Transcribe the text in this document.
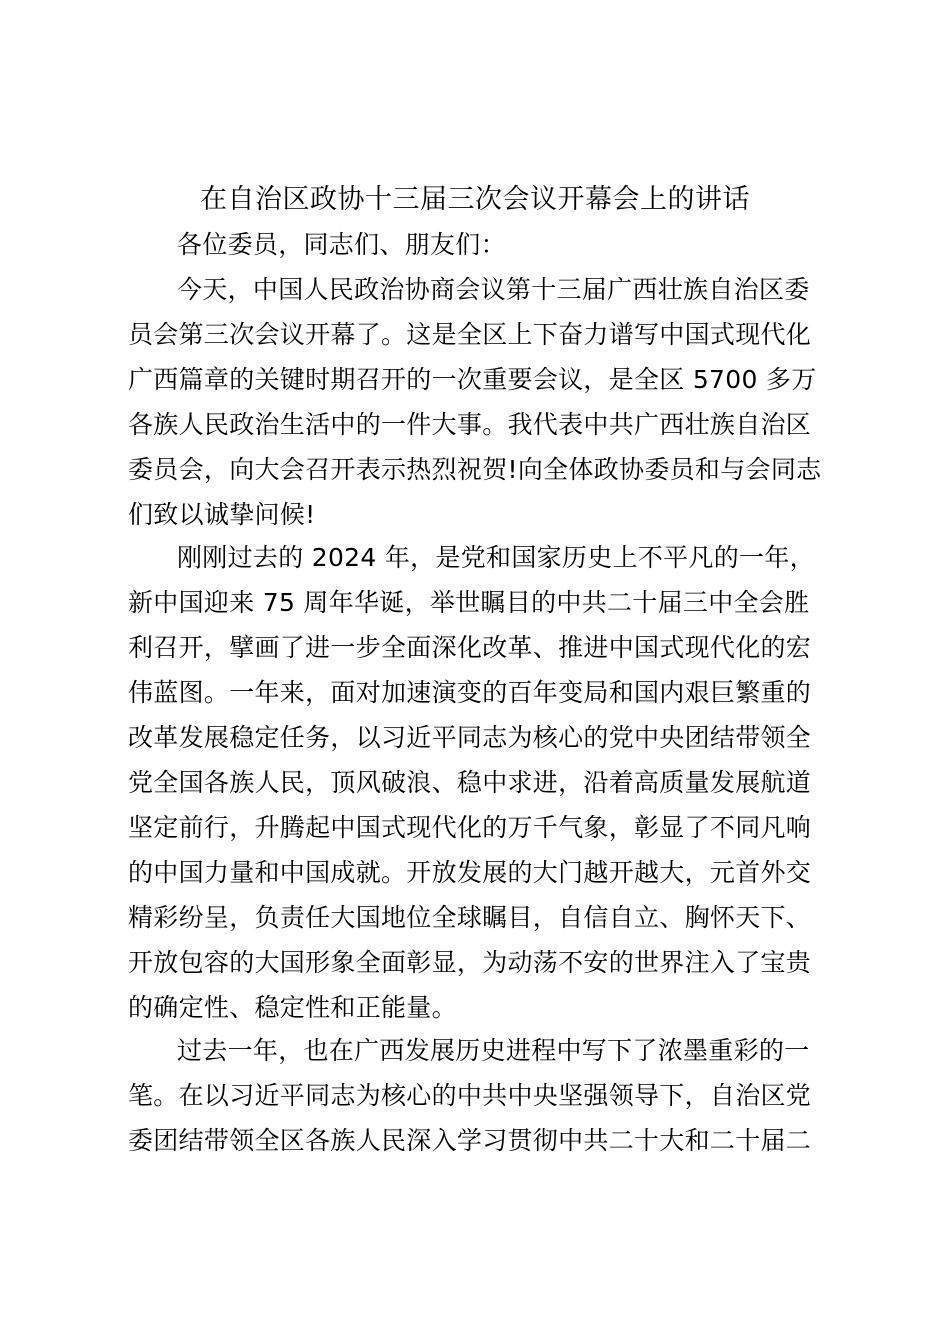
在自治区政协十三届三次会议开幕会上的讲话
各位委员，同志们、朋友们：
今天，中国人民政治协商会议第十三届广西壮族自治区委
员会第三次会议开幕了。这是全区上下奋力谱写中国式现代化
广西篇章的关键时期召开的一次重要会议，是全区 5700 多万
各族人民政治生活中的一件大事。我代表中共广西壮族自治区
委员会，向大会召开表示热烈祝贺!向全体政协委员和与会同志
们致以诚挚问候!
刚刚过去的 2024 年，是党和国家历史上不平凡的一年，
新中国迎来 75 周年华诞，举世瞩目的中共二十届三中全会胜
利召开，擘画了进一步全面深化改革、推进中国式现代化的宏
伟蓝图。一年来，面对加速演变的百年变局和国内艰巨繁重的
改革发展稳定任务，以习近平同志为核心的党中央团结带领全
党全国各族人民，顶风破浪、稳中求进，沿着高质量发展航道
坚定前行，升腾起中国式现代化的万千气象，彰显了不同凡响
的中国力量和中国成就。开放发展的大门越开越大，元首外交
精彩纷呈，负责任大国地位全球瞩目，自信自立、胸怀天下、
开放包容的大国形象全面彰显，为动荡不安的世界注入了宝贵
的确定性、稳定性和正能量。
过去一年，也在广西发展历史进程中写下了浓墨重彩的一
笔。在以习近平同志为核心的中共中央坚强领导下，自治区党
委团结带领全区各族人民深入学习贯彻中共二十大和二十届二
